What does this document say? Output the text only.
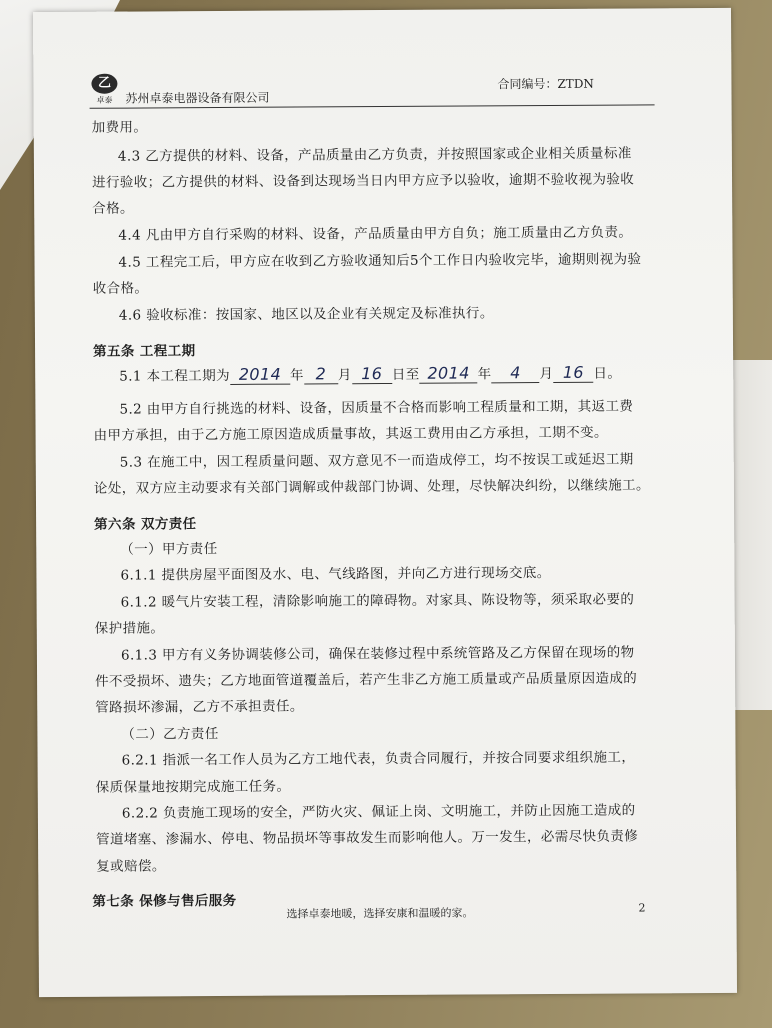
乙
卓泰	苏州卓泰电器设备有限公司
合同编号：ZTDN
加费用。
4.3 乙方提供的材料、设备，产品质量由乙方负责，并按照国家或企业相关质量标准
进行验收；乙方提供的材料、设备到达现场当日内甲方应予以验收，逾期不验收视为验收
合格。
4.4 凡由甲方自行采购的材料、设备，产品质量由甲方自负；施工质量由乙方负责。
4.5 工程完工后，甲方应在收到乙方验收通知后5个工作日内验收完毕，逾期则视为验
收合格。
4.6 验收标准：按国家、地区以及企业有关规定及标准执行。
第五条 工程工期
5.1 本工程工期为 2014 年 2 月 16 日至 2014 年 4 月 16 日。
5.2 由甲方自行挑选的材料、设备，因质量不合格而影响工程质量和工期，其返工费
由甲方承担，由于乙方施工原因造成质量事故，其返工费用由乙方承担，工期不变。
5.3 在施工中，因工程质量问题、双方意见不一而造成停工，均不按误工或延迟工期
论处，双方应主动要求有关部门调解或仲裁部门协调、处理，尽快解决纠纷，以继续施工。
第六条 双方责任
（一）甲方责任
6.1.1 提供房屋平面图及水、电、气线路图，并向乙方进行现场交底。
6.1.2 暖气片安装工程，清除影响施工的障碍物。对家具、陈设物等，须采取必要的
保护措施。
6.1.3 甲方有义务协调装修公司，确保在装修过程中系统管路及乙方保留在现场的物
件不受损坏、遗失；乙方地面管道覆盖后，若产生非乙方施工质量或产品质量原因造成的
管路损坏渗漏，乙方不承担责任。
（二）乙方责任
6.2.1 指派一名工作人员为乙方工地代表，负责合同履行，并按合同要求组织施工，
保质保量地按期完成施工任务。
6.2.2 负责施工现场的安全，严防火灾、佩证上岗、文明施工，并防止因施工造成的
管道堵塞、渗漏水、停电、物品损坏等事故发生而影响他人。万一发生，必需尽快负责修
复或赔偿。
第七条 保修与售后服务
选择卓泰地暖，选择安康和温暖的家。	2
